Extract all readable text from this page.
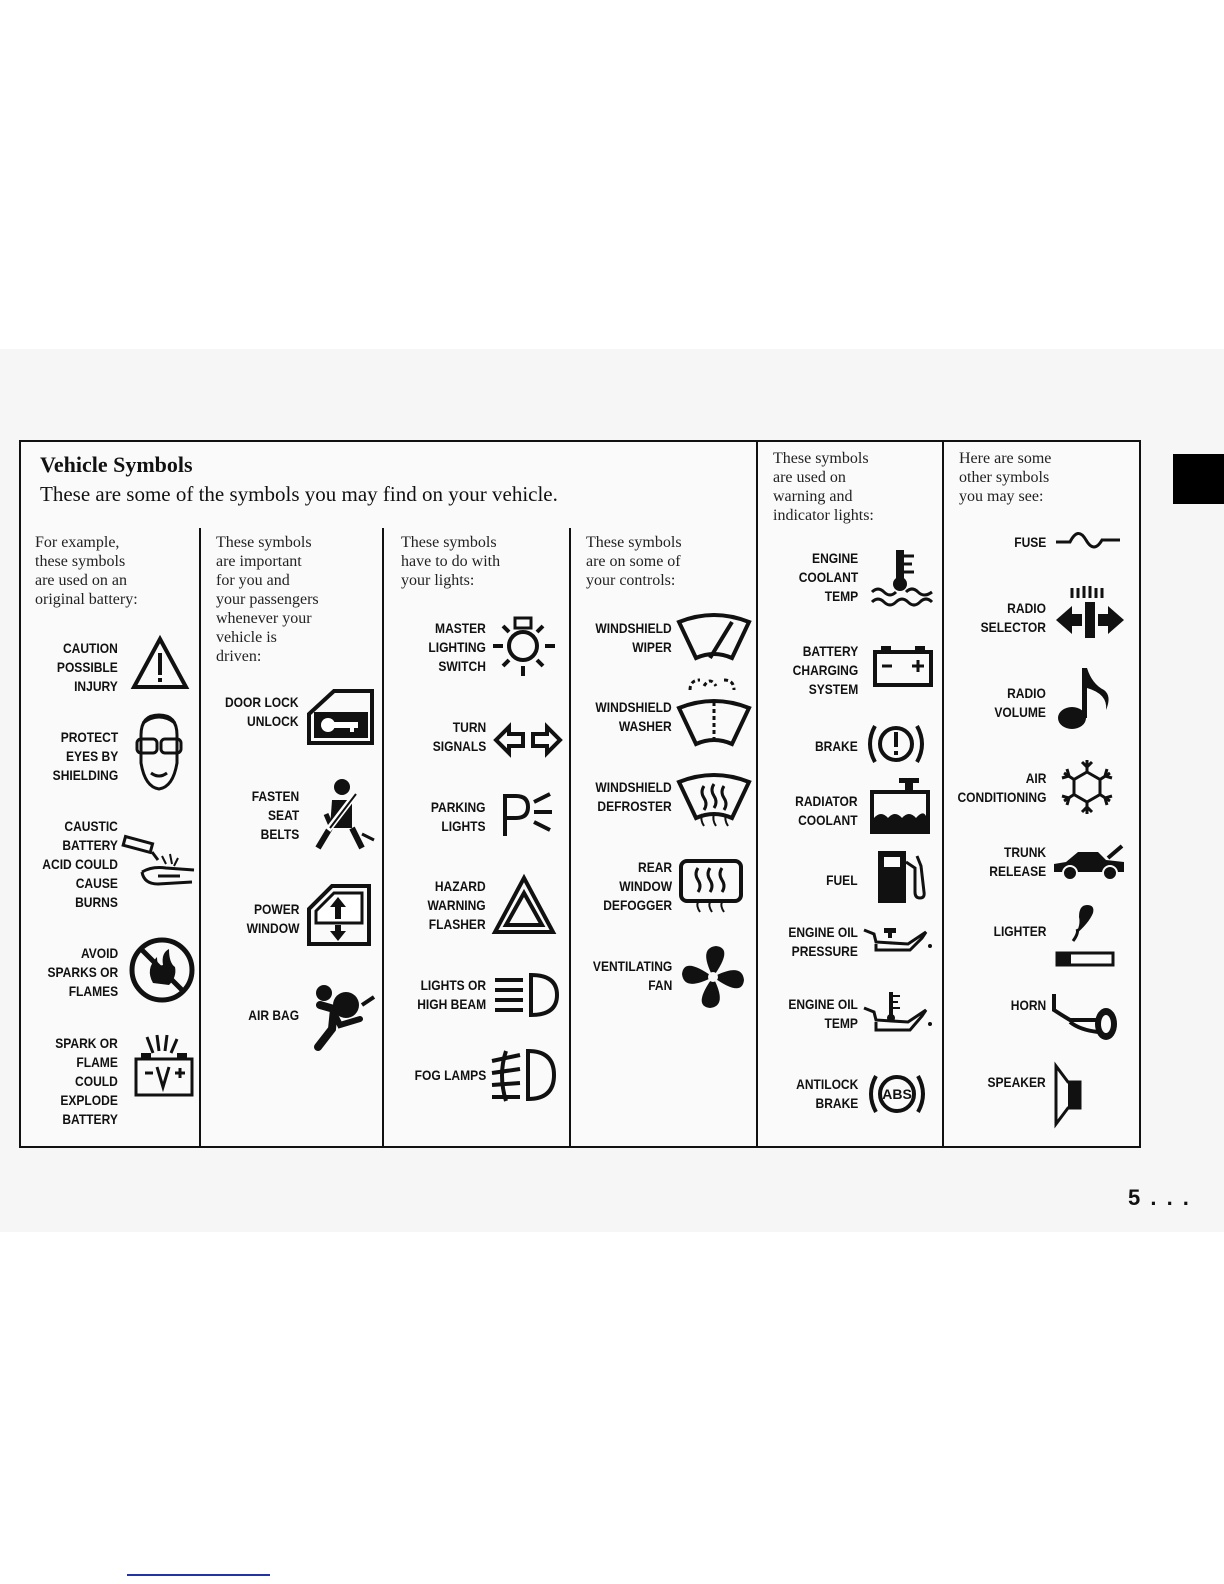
Vehicle Symbols
These are some of the symbols you may find on your vehicle.
For example,
these symbols
are used on an
original battery:
These symbols
are important
for you and
your passengers
whenever your
vehicle is
driven:
These symbols
have to do with
your lights:
These symbols
are on some of
your controls:
These symbols
are used on
warning and
indicator lights:
Here are some
other symbols
you may see:
CAUTION
POSSIBLE
INJURY
PROTECT
EYES BY
SHIELDING
CAUSTIC
BATTERY
ACID COULD
CAUSE
BURNS
AVOID
SPARKS OR
FLAMES
SPARK OR
FLAME
COULD
EXPLODE
BATTERY
DOOR LOCK
UNLOCK
FASTEN
SEAT
BELTS
POWER
WINDOW
AIR BAG
MASTER
LIGHTING
SWITCH
TURN
SIGNALS
PARKING
LIGHTS
HAZARD
WARNING
FLASHER
LIGHTS OR
HIGH BEAM
FOG LAMPS
WINDSHIELD
WIPER
WINDSHIELD
WASHER
WINDSHIELD
DEFROSTER
REAR
WINDOW
DEFOGGER
VENTILATING
FAN
ENGINE
COOLANT
TEMP
BATTERY
CHARGING
SYSTEM
BRAKE
RADIATOR
COOLANT
FUEL
ENGINE OIL
PRESSURE
ENGINE OIL
TEMP
ANTILOCK
BRAKE
ABS
FUSE
RADIO
SELECTOR
RADIO
VOLUME
AIR
CONDITIONING
TRUNK
RELEASE
LIGHTER
HORN
SPEAKER
5 . . .
